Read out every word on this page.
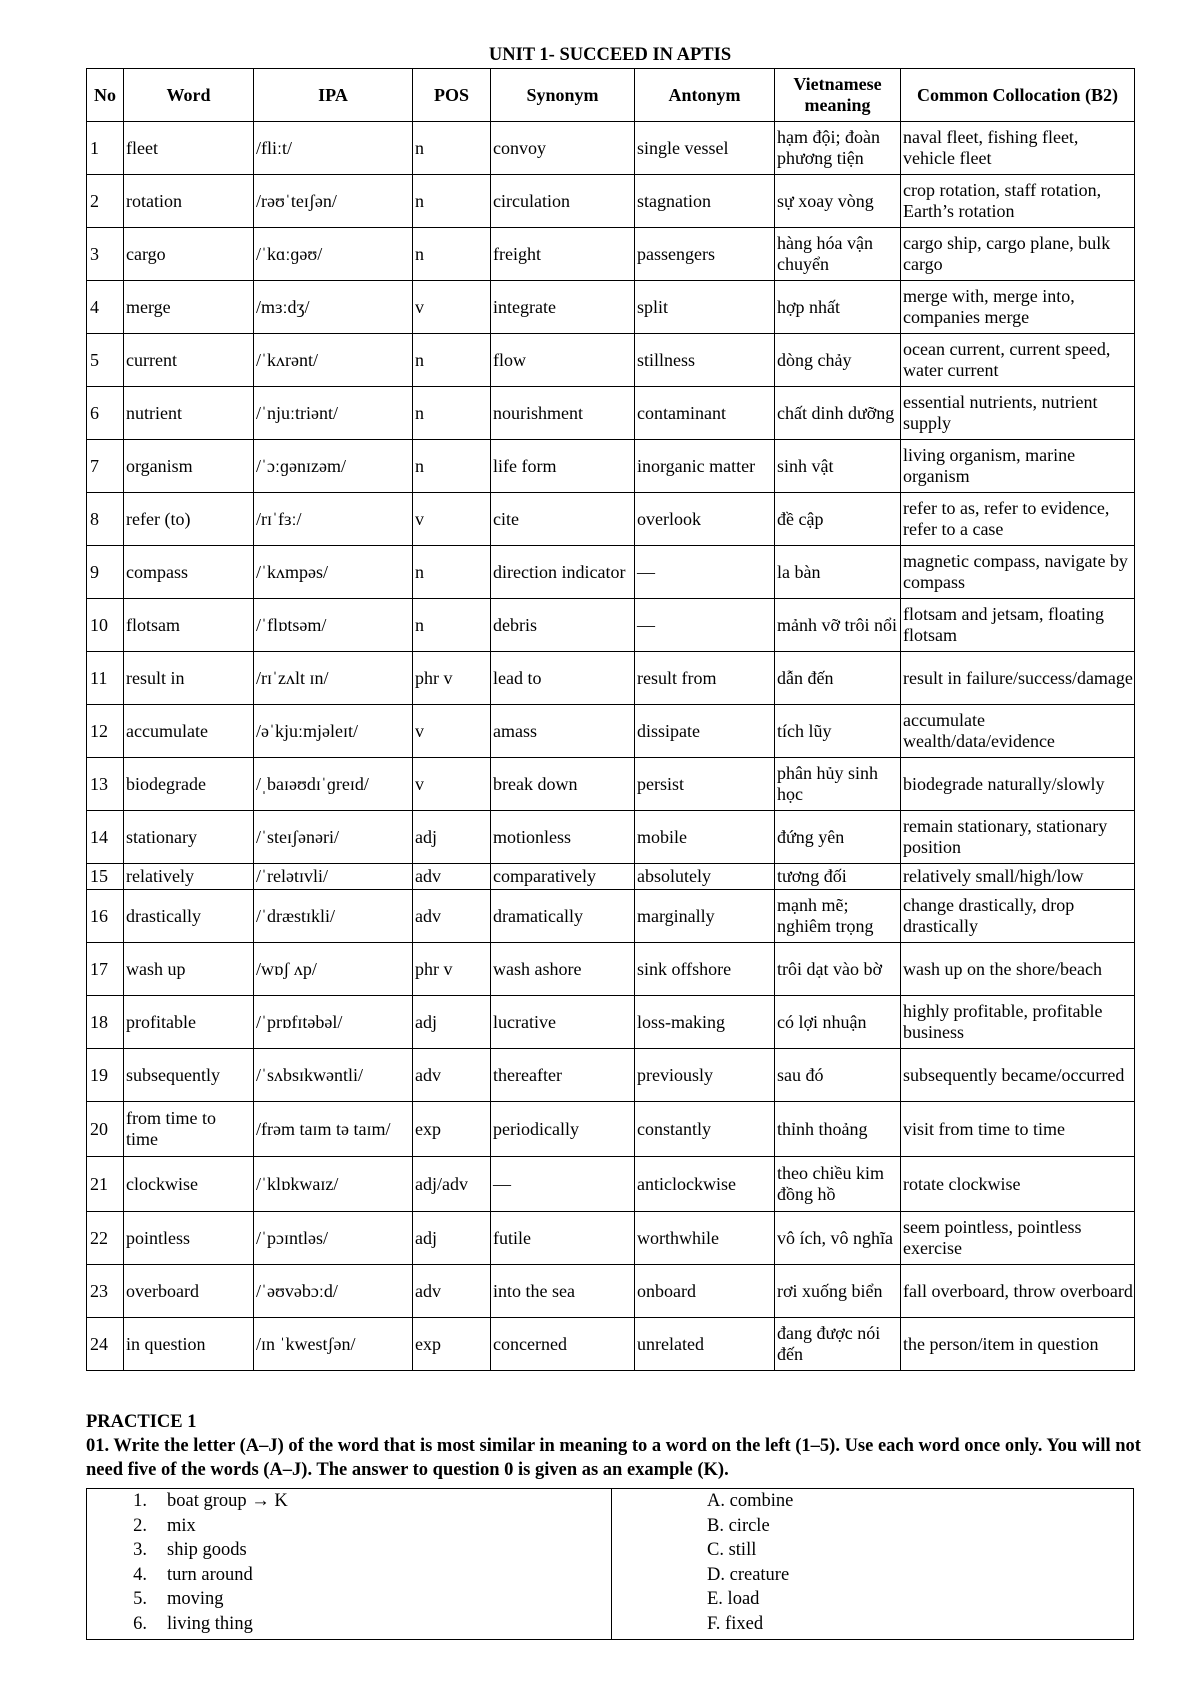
UNIT 1- SUCCEED IN APTIS
No	Word	IPA	POS	Synonym	Antonym	Vietnamese meaning	Common Collocation (B2)
1	fleet	/fliːt/	n	convoy	single vessel	hạm đội; đoàn phương tiện	naval fleet, fishing fleet, vehicle fleet
2	rotation	/rəʊˈteɪʃən/	n	circulation	stagnation	sự xoay vòng	crop rotation, staff rotation, Earth’s rotation
3	cargo	/ˈkɑːɡəʊ/	n	freight	passengers	hàng hóa vận chuyển	cargo ship, cargo plane, bulk cargo
4	merge	/mɜːdʒ/	v	integrate	split	hợp nhất	merge with, merge into, companies merge
5	current	/ˈkʌrənt/	n	flow	stillness	dòng chảy	ocean current, current speed, water current
6	nutrient	/ˈnjuːtriənt/	n	nourishment	contaminant	chất dinh dưỡng	essential nutrients, nutrient supply
7	organism	/ˈɔːɡənɪzəm/	n	life form	inorganic matter	sinh vật	living organism, marine organism
8	refer (to)	/rɪˈfɜː/	v	cite	overlook	đề cập	refer to as, refer to evidence, refer to a case
9	compass	/ˈkʌmpəs/	n	direction indicator	—	la bàn	magnetic compass, navigate by compass
10	flotsam	/ˈflɒtsəm/	n	debris	—	mảnh vỡ trôi nổi	flotsam and jetsam, floating flotsam
11	result in	/rɪˈzʌlt ɪn/	phr v	lead to	result from	dẫn đến	result in failure/success/damage
12	accumulate	/əˈkjuːmjəleɪt/	v	amass	dissipate	tích lũy	accumulate wealth/data/evidence
13	biodegrade	/ˌbaɪəʊdɪˈɡreɪd/	v	break down	persist	phân hủy sinh học	biodegrade naturally/slowly
14	stationary	/ˈsteɪʃənəri/	adj	motionless	mobile	đứng yên	remain stationary, stationary position
15	relatively	/ˈrelətɪvli/	adv	comparatively	absolutely	tương đối	relatively small/high/low
16	drastically	/ˈdræstɪkli/	adv	dramatically	marginally	mạnh mẽ; nghiêm trọng	change drastically, drop drastically
17	wash up	/wɒʃ ʌp/	phr v	wash ashore	sink offshore	trôi dạt vào bờ	wash up on the shore/beach
18	profitable	/ˈprɒfɪtəbəl/	adj	lucrative	loss-making	có lợi nhuận	highly profitable, profitable business
19	subsequently	/ˈsʌbsɪkwəntli/	adv	thereafter	previously	sau đó	subsequently became/occurred
20	from time to time	/frəm taɪm tə taɪm/	exp	periodically	constantly	thỉnh thoảng	visit from time to time
21	clockwise	/ˈklɒkwaɪz/	adj/adv	—	anticlockwise	theo chiều kim đồng hồ	rotate clockwise
22	pointless	/ˈpɔɪntləs/	adj	futile	worthwhile	vô ích, vô nghĩa	seem pointless, pointless exercise
23	overboard	/ˈəʊvəbɔːd/	adv	into the sea	onboard	rơi xuống biển	fall overboard, throw overboard
24	in question	/ɪn ˈkwestʃən/	exp	concerned	unrelated	đang được nói đến	the person/item in question
PRACTICE 1
01. Write the letter (A–J) of the word that is most similar in meaning to a word on the left (1–5). Use each word once only. You will not need five of the words (A–J). The answer to question 0 is given as an example (K).
1. boat group → K
2. mix
3. ship goods
4. turn around
5. moving
6. living thing
A. combine
B. circle
C. still
D. creature
E. load
F. fixed
